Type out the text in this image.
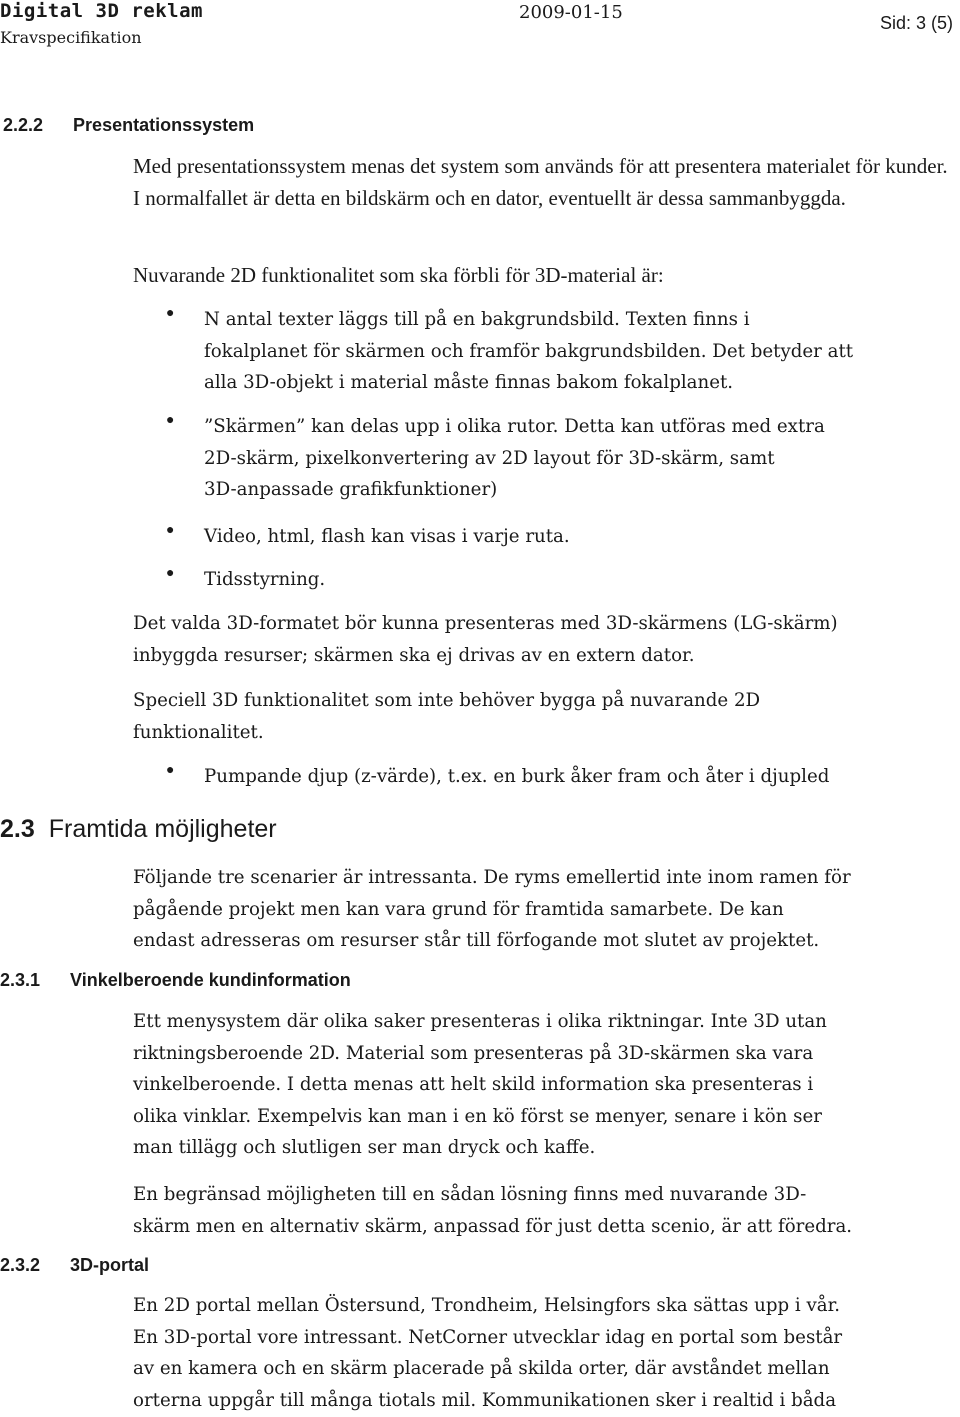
Digital 3D reklam
Kravspecifikation
2009-01-15	Sid: 3 (5)
2.2.2 Presentationssystem
Med presentationssystem menas det system som används för att presentera materialet för kunder. I normalfallet är detta en bildskärm och en dator, eventuellt är dessa sammanbyggda.
Nuvarande 2D funktionalitet som ska förbli för 3D-material är:
● N antal texter läggs till på en bakgrundsbild. Texten finns i
fokalplanet för skärmen och framför bakgrundsbilden. Det betyder att
alla 3D-objekt i material måste finnas bakom fokalplanet.
● ”Skärmen” kan delas upp i olika rutor. Detta kan utföras med extra
2D-skärm, pixelkonvertering av 2D layout för 3D-skärm, samt
3D-anpassade grafikfunktioner)
● Video, html, flash kan visas i varje ruta.
● Tidsstyrning.
Det valda 3D-formatet bör kunna presenteras med 3D-skärmens (LG-skärm)
inbyggda resurser; skärmen ska ej drivas av en extern dator.
Speciell 3D funktionalitet som inte behöver bygga på nuvarande 2D
funktionalitet.
● Pumpande djup (z-värde), t.ex. en burk åker fram och åter i djupled
2.3 Framtida möjligheter
Följande tre scenarier är intressanta. De ryms emellertid inte inom ramen för
pågående projekt men kan vara grund för framtida samarbete. De kan
endast adresseras om resurser står till förfogande mot slutet av projektet.
2.3.1 Vinkelberoende kundinformation
Ett menysystem där olika saker presenteras i olika riktningar. Inte 3D utan
riktningsberoende 2D. Material som presenteras på 3D-skärmen ska vara
vinkelberoende. I detta menas att helt skild information ska presenteras i
olika vinklar. Exempelvis kan man i en kö först se menyer, senare i kön ser
man tillägg och slutligen ser man dryck och kaffe.
En begränsad möjligheten till en sådan lösning finns med nuvarande 3D-
skärm men en alternativ skärm, anpassad för just detta scenio, är att föredra.
2.3.2 3D-portal
En 2D portal mellan Östersund, Trondheim, Helsingfors ska sättas upp i vår.
En 3D-portal vore intressant. NetCorner utvecklar idag en portal som består
av en kamera och en skärm placerade på skilda orter, där avståndet mellan
orterna uppgår till många tiotals mil. Kommunikationen sker i realtid i båda
